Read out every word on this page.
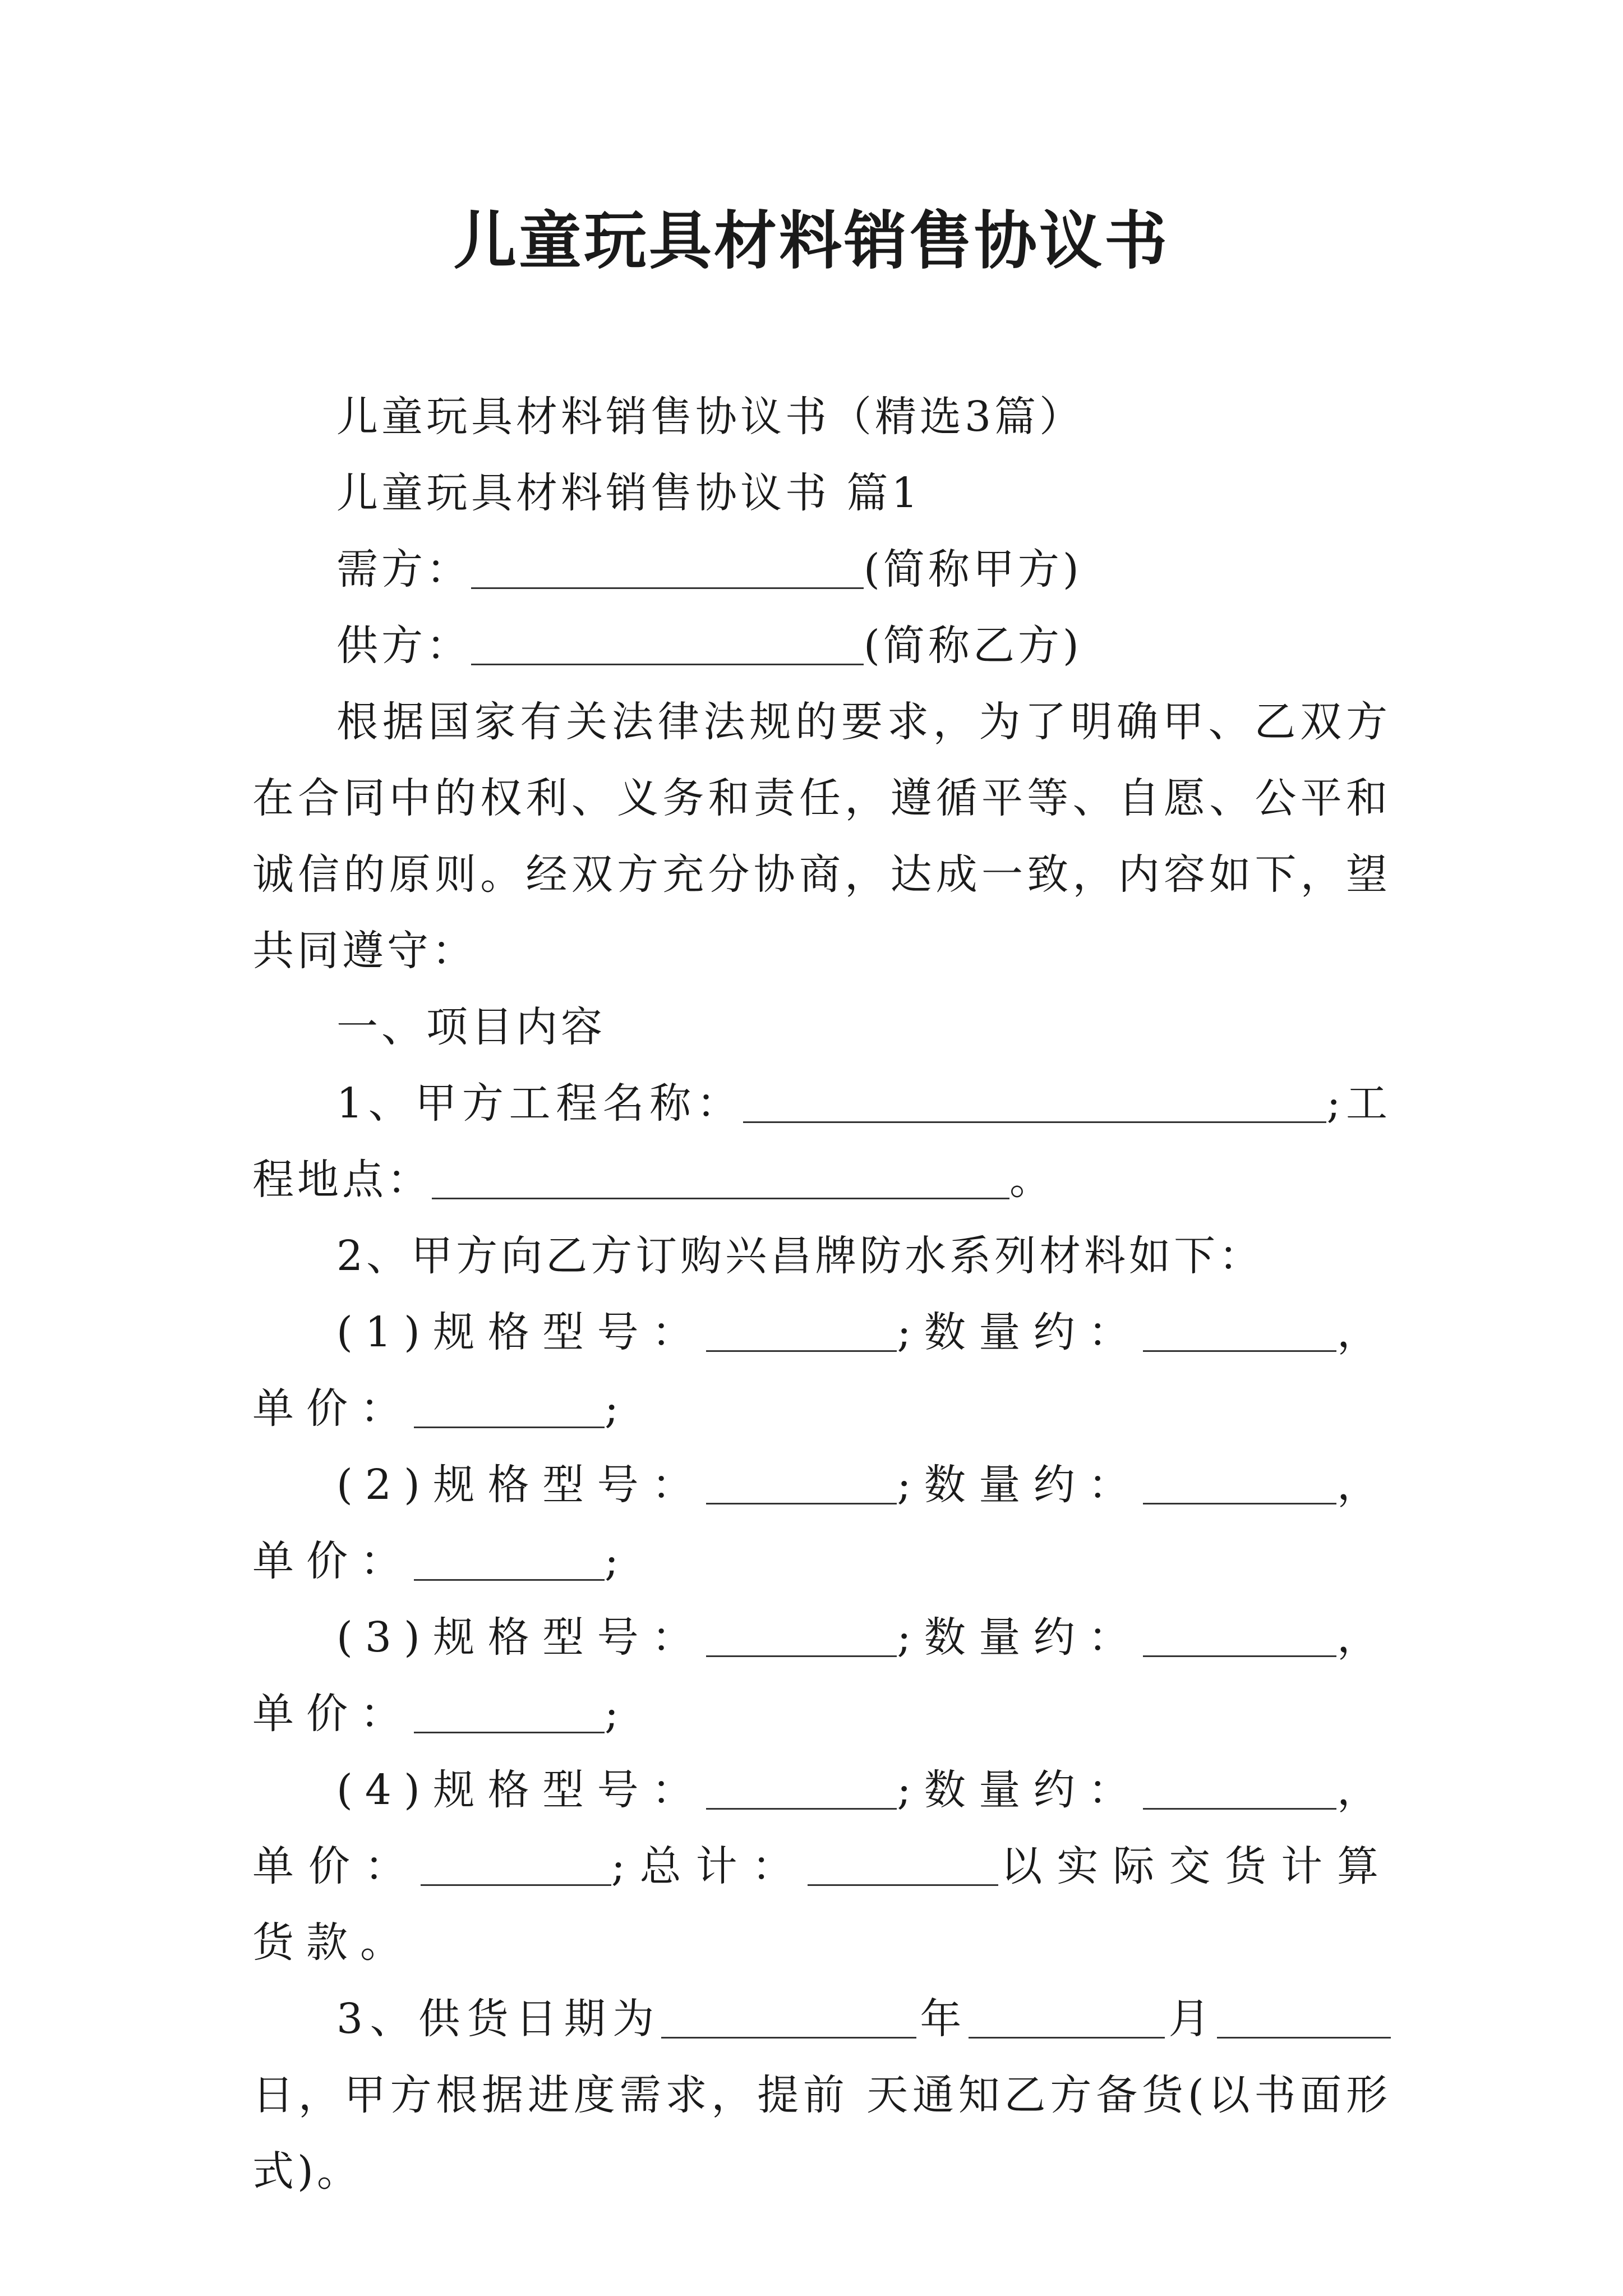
儿童玩具材料销售协议书

儿童玩具材料销售协议书（精选3篇）

儿童玩具材料销售协议书 篇1

需方：	(简称甲方)

供方：	(简称乙方)

根据国家有关法律法规的要求，为了明确甲、乙双方在合同中的权利、义务和责任，遵循平等、自愿、公平和诚信的原则。经双方充分协商，达成一致，内容如下，望共同遵守：

一、项目内容

1、甲方工程名称：	;工程地点：	。

2、甲方向乙方订购兴昌牌防水系列材料如下：

(1)规格型号：	;数量约：	，单价：	;

(2)规格型号：	;数量约：	，单价：	;

(3)规格型号：	;数量约：	，单价：	;

(4)规格型号：	;数量约：	，单价：	;总计：	以实际交货计算货款。

3、供货日期为	年	月日，甲方根据进度需求，提前 天通知乙方备货(以书面形式)。
